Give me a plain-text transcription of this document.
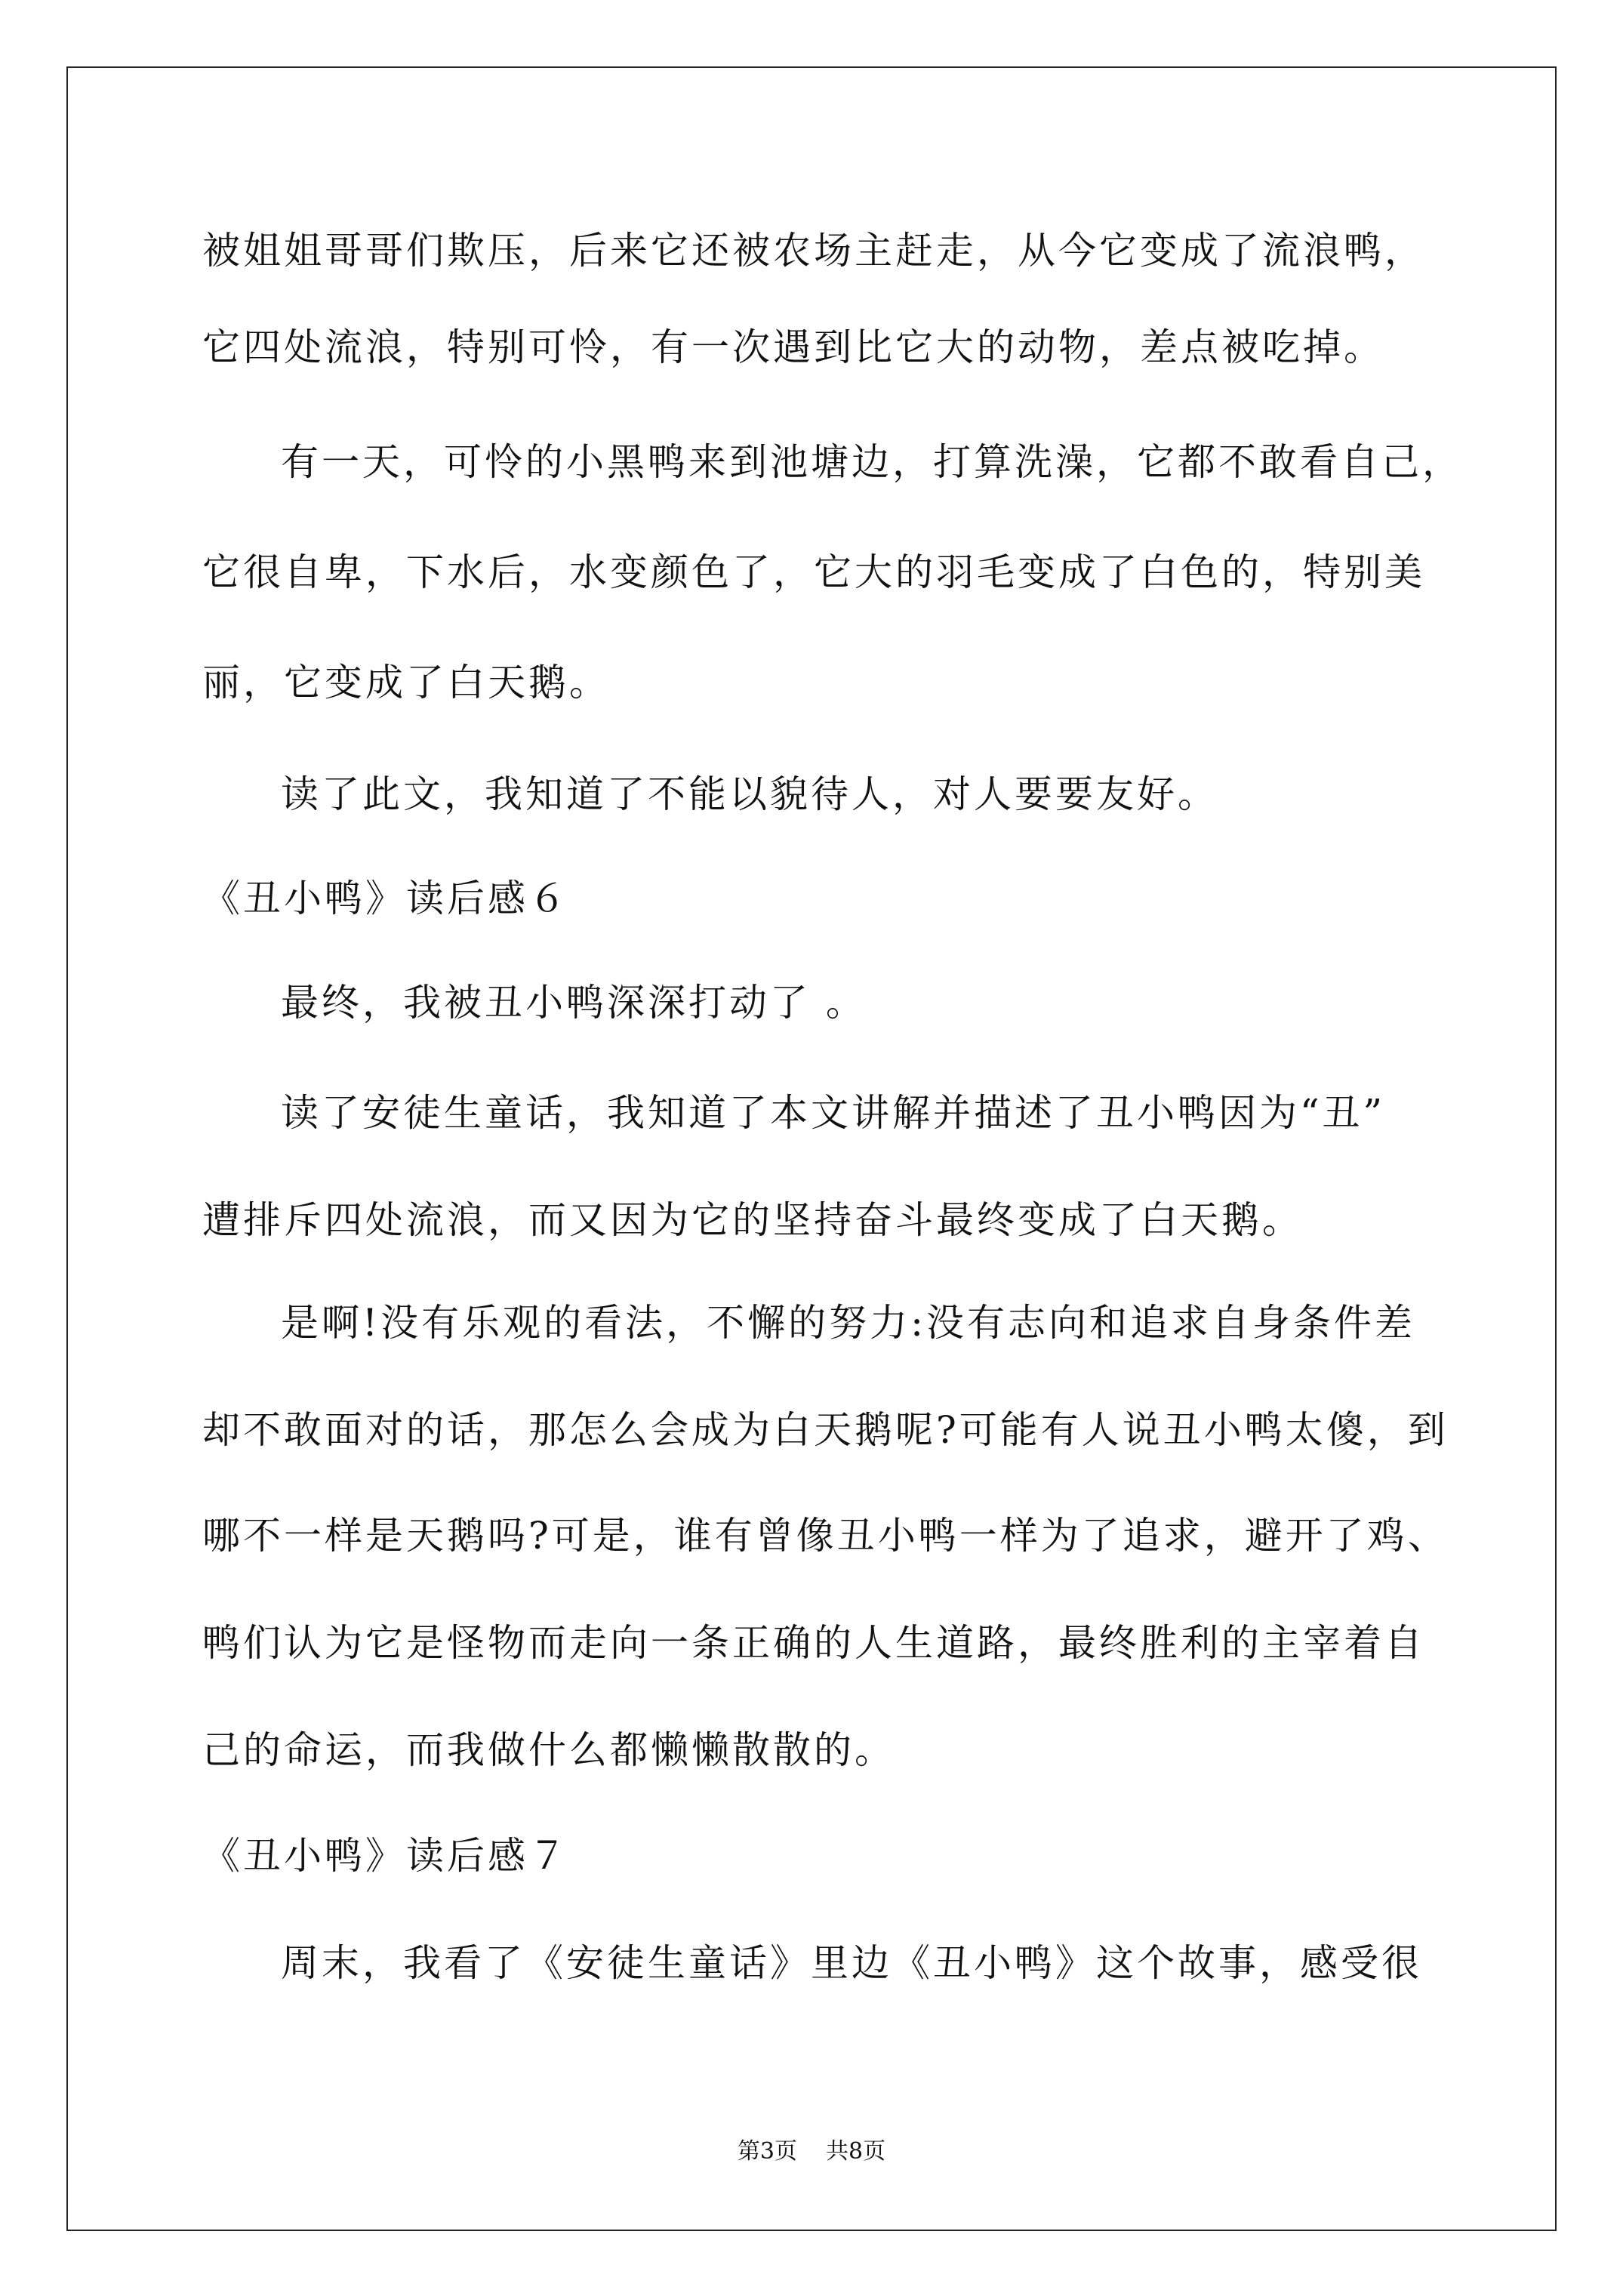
被姐姐哥哥们欺压，后来它还被农场主赶走，从今它变成了流浪鸭，
它四处流浪，特别可怜，有一次遇到比它大的动物，差点被吃掉。
有一天，可怜的小黑鸭来到池塘边，打算洗澡，它都不敢看自己，
它很自卑，下水后，水变颜色了，它大的羽毛变成了白色的，特别美
丽，它变成了白天鹅。
读了此文，我知道了不能以貌待人，对人要要友好。
《丑小鸭》读后感６
最终，我被丑小鸭深深打动了 。
读了安徒生童话，我知道了本文讲解并描述了丑小鸭因为“丑”
遭排斥四处流浪，而又因为它的坚持奋斗最终变成了白天鹅。
是啊!没有乐观的看法，不懈的努力:没有志向和追求自身条件差
却不敢面对的话，那怎么会成为白天鹅呢?可能有人说丑小鸭太傻，到
哪不一样是天鹅吗?可是，谁有曾像丑小鸭一样为了追求，避开了鸡、
鸭们认为它是怪物而走向一条正确的人生道路，最终胜利的主宰着自
己的命运，而我做什么都懒懒散散的。
《丑小鸭》读后感７
周末，我看了《安徒生童话》里边《丑小鸭》这个故事，感受很
第3页 共8页
